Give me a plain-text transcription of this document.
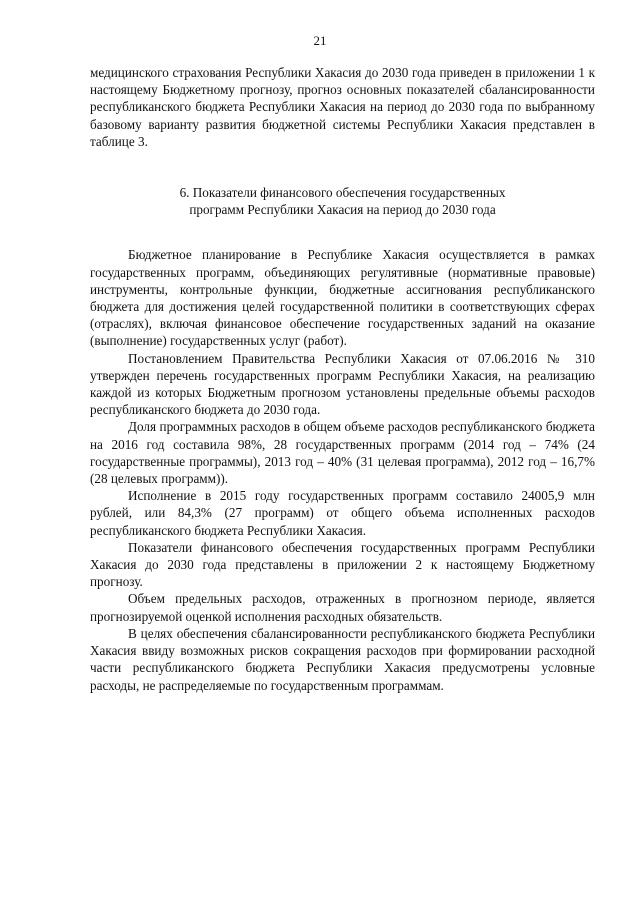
21

медицинского страхования Республики Хакасия до 2030 года приведен в приложении 1 к настоящему Бюджетному прогнозу, прогноз основных показателей сбалансированности республиканского бюджета Республики Хакасия на период до 2030 года по выбранному базовому варианту развития бюджетной системы Республики Хакасия представлен в таблице 3.

6. Показатели финансового обеспечения государственных
программ Республики Хакасия на период до 2030 года

Бюджетное планирование в Республике Хакасия осуществляется в рамках государственных программ, объединяющих регулятивные (нормативные правовые) инструменты, контрольные функции, бюджетные ассигнования республиканского бюджета для достижения целей государственной политики в соответствующих сферах (отраслях), включая финансовое обеспечение государственных заданий на оказание (выполнение) государственных услуг (работ).

Постановлением Правительства Республики Хакасия от 07.06.2016 № 310 утвержден перечень государственных программ Республики Хакасия, на реализацию каждой из которых Бюджетным прогнозом установлены предельные объемы расходов республиканского бюджета до 2030 года.

Доля программных расходов в общем объеме расходов республиканского бюджета на 2016 год составила 98%, 28 государственных программ (2014 год – 74% (24 государственные программы), 2013 год – 40% (31 целевая программа), 2012 год – 16,7% (28 целевых программ)).

Исполнение в 2015 году государственных программ составило 24005,9 млн рублей, или 84,3% (27 программ) от общего объема исполненных расходов республиканского бюджета Республики Хакасия.

Показатели финансового обеспечения государственных программ Республики Хакасия до 2030 года представлены в приложении 2 к настоящему Бюджетному прогнозу.

Объем предельных расходов, отраженных в прогнозном периоде, является прогнозируемой оценкой исполнения расходных обязательств.

В целях обеспечения сбалансированности республиканского бюджета Республики Хакасия ввиду возможных рисков сокращения расходов при формировании расходной части республиканского бюджета Республики Хакасия предусмотрены условные расходы, не распределяемые по государственным программам.
